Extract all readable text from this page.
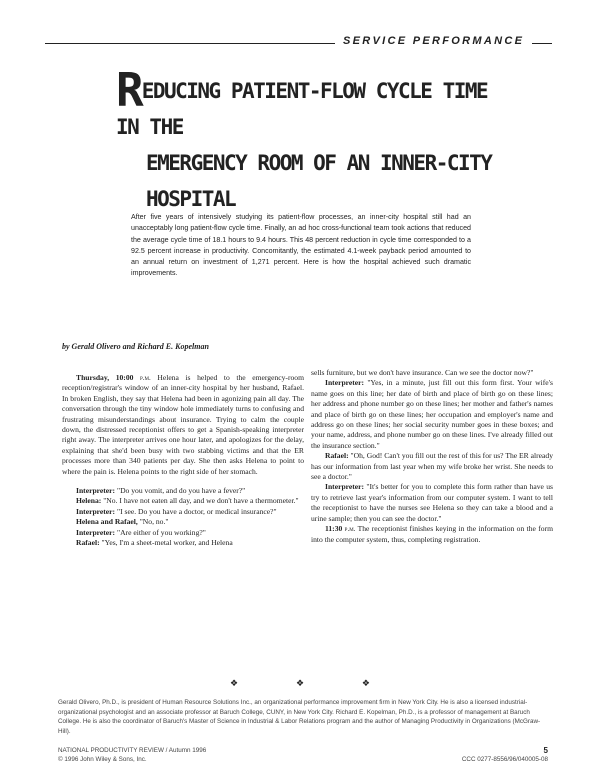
SERVICE PERFORMANCE
REDUCING PATIENT-FLOW CYCLE TIME IN THE
EMERGENCY ROOM OF AN INNER-CITY HOSPITAL
After five years of intensively studying its patient-flow processes, an inner-city hospital still had an unacceptably long patient-flow cycle time. Finally, an ad hoc cross-functional team took actions that reduced the average cycle time of 18.1 hours to 9.4 hours. This 48 percent reduction in cycle time corresponded to a 92.5 percent increase in productivity. Concomitantly, the estimated 4.1-week payback period amounted to an annual return on investment of 1,271 percent. Here is how the hospital achieved such dramatic improvements.
by Gerald Olivero and Richard E. Kopelman

Thursday, 10:00 p.m. Helena is helped to the emergency-room reception/registrar's window of an inner-city hospital by her husband, Rafael. In broken English, they say that Helena had been in agonizing pain all day. The conversation through the tiny window hole immediately turns to confusing and frustrating misunderstandings about insurance. Trying to calm the couple down, the distressed receptionist offers to get a Spanish-speaking interpreter right away. The interpreter arrives one hour later, and apologizes for the delay, explaining that she'd been busy with two stabbing victims and that the ER processes more than 340 patients per day. She then asks Helena to point to where the pain is. Helena points to the right side of her stomach.

Interpreter: "Do you vomit, and do you have a fever?"

Helena: "No. I have not eaten all day, and we don't have a thermometer."

Interpreter: "I see. Do you have a doctor, or medical insurance?"

Helena and Rafael, "No, no."

Interpreter: "Are either of you working?"

Rafael: "Yes, I'm a sheet-metal worker, and Helena

sells furniture, but we don't have insurance. Can we see the doctor now?"

Interpreter: "Yes, in a minute, just fill out this form first. Your wife's name goes on this line; her date of birth and place of birth go on these lines; her address and phone number go on these lines; her mother and father's names and place of birth go on these lines; her occupation and employer's name and address go on these lines; her social security number goes in these boxes; and your name, address, and phone number go on these lines. I've already filled out the insurance section."

Rafael: "Oh, God! Can't you fill out the rest of this for us? The ER already has our information from last year when my wife broke her wrist. She needs to see a doctor."

Interpreter: "It's better for you to complete this form rather than have us try to retrieve last year's information from our computer system. I want to tell the receptionist to have the nurses see Helena so they can take a blood and a urine sample; then you can see the doctor."

11:30 p.m. The receptionist finishes keying in the information on the form into the computer system, thus, completing registration.

❖	❖	❖
Gerald Olivero, Ph.D., is president of Human Resource Solutions Inc., an organizational performance improvement firm in New York City. He is also a licensed industrial-organizational psychologist and an associate professor at Baruch College, CUNY, in New York City. Richard E. Kopelman, Ph.D., is a professor of management at Baruch College. He is also the coordinator of Baruch's Master of Science in Industrial & Labor Relations program and the author of Managing Productivity in Organizations (McGraw-Hill).
NATIONAL PRODUCTIVITY REVIEW / Autumn 1996
© 1996 John Wiley & Sons, Inc.
5
CCC 0277-8556/96/040005-08
